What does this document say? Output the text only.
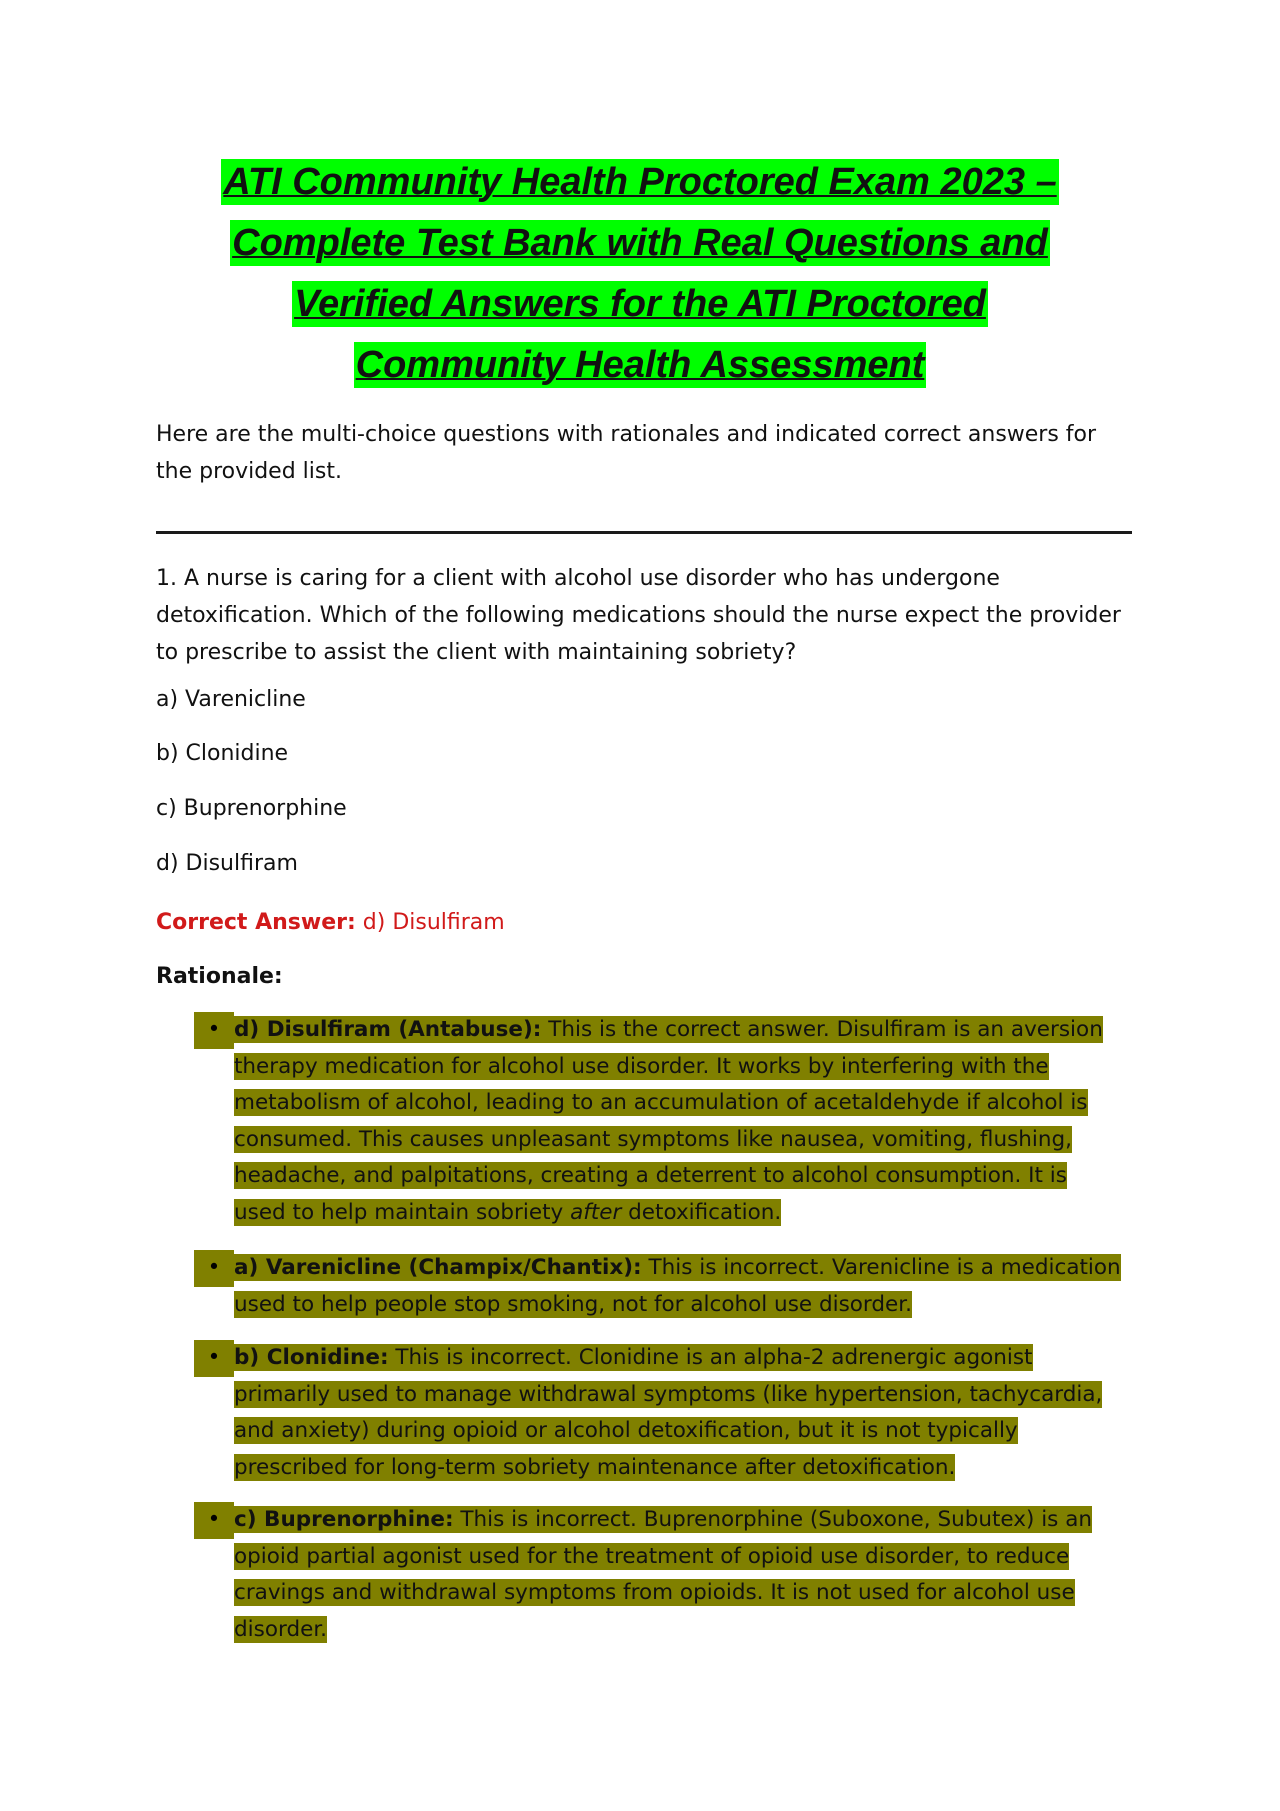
ATI Community Health Proctored Exam 2023 –
Complete Test Bank with Real Questions and
Verified Answers for the ATI Proctored
Community Health Assessment
Here are the multi-choice questions with rationales and indicated correct answers for the provided list.
1. A nurse is caring for a client with alcohol use disorder who has undergone detoxification. Which of the following medications should the nurse expect the provider to prescribe to assist the client with maintaining sobriety?
a) Varenicline
b) Clonidine
c) Buprenorphine
d) Disulfiram
Correct Answer: d) Disulfiram
Rationale:
• d) Disulfiram (Antabuse): This is the correct answer. Disulfiram is an aversion therapy medication for alcohol use disorder. It works by interfering with the metabolism of alcohol, leading to an accumulation of acetaldehyde if alcohol is consumed. This causes unpleasant symptoms like nausea, vomiting, flushing, headache, and palpitations, creating a deterrent to alcohol consumption. It is used to help maintain sobriety after detoxification.
• a) Varenicline (Champix/Chantix): This is incorrect. Varenicline is a medication used to help people stop smoking, not for alcohol use disorder.
• b) Clonidine: This is incorrect. Clonidine is an alpha-2 adrenergic agonist primarily used to manage withdrawal symptoms (like hypertension, tachycardia, and anxiety) during opioid or alcohol detoxification, but it is not typically prescribed for long-term sobriety maintenance after detoxification.
• c) Buprenorphine: This is incorrect. Buprenorphine (Suboxone, Subutex) is an opioid partial agonist used for the treatment of opioid use disorder, to reduce cravings and withdrawal symptoms from opioids. It is not used for alcohol use disorder.
